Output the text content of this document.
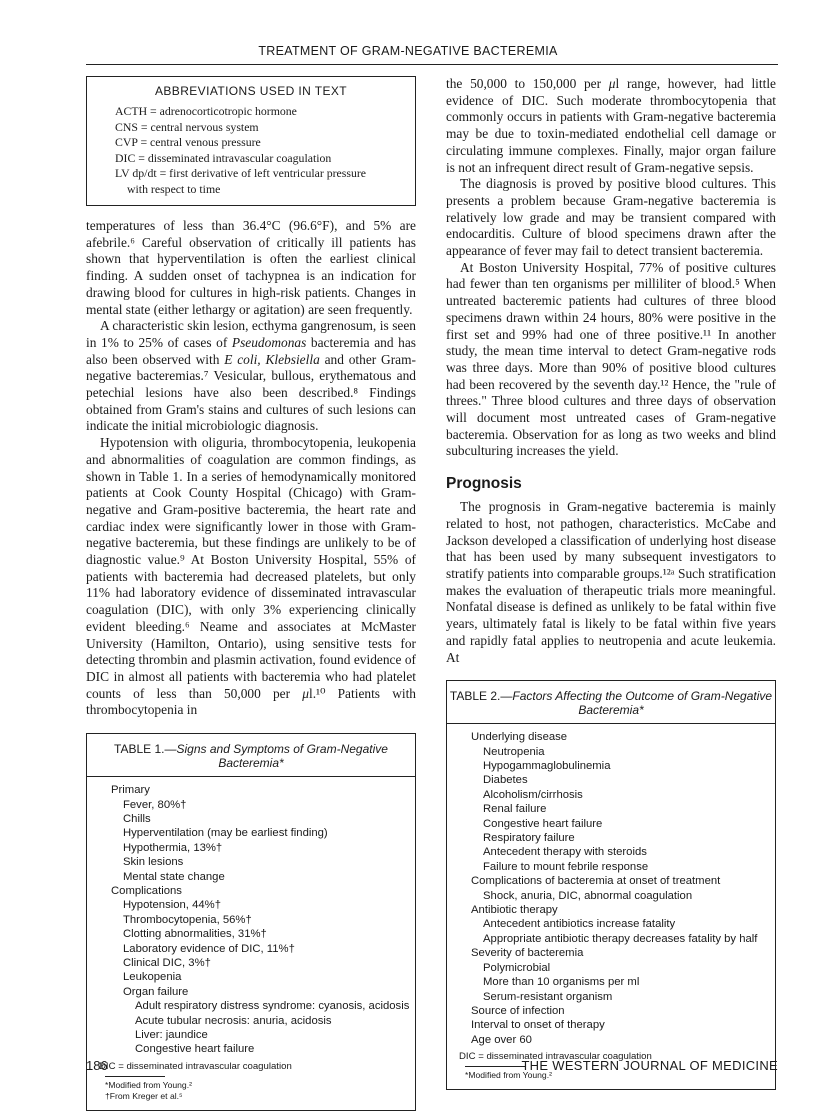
TREATMENT OF GRAM-NEGATIVE BACTEREMIA
ABBREVIATIONS USED IN TEXT
ACTH = adrenocorticotropic hormone
CNS = central nervous system
CVP = central venous pressure
DIC = disseminated intravascular coagulation
LV dp/dt = first derivative of left ventricular pressure
with respect to time

temperatures of less than 36.4°C (96.6°F), and 5% are afebrile.⁶ Careful observation of critically ill patients has shown that hyperventilation is often the earliest clinical finding. A sudden onset of tachypnea is an indication for drawing blood for cultures in high-risk patients. Changes in mental state (either lethargy or agitation) are seen frequently.

A characteristic skin lesion, ecthyma gangrenosum, is seen in 1% to 25% of cases of Pseudomonas bacteremia and has also been observed with E coli, Klebsiella and other Gram-negative bacteremias.⁷ Vesicular, bullous, erythematous and petechial lesions have also been described.⁸ Findings obtained from Gram's stains and cultures of such lesions can indicate the initial microbiologic diagnosis.

Hypotension with oliguria, thrombocytopenia, leukopenia and abnormalities of coagulation are common findings, as shown in Table 1. In a series of hemodynamically monitored patients at Cook County Hospital (Chicago) with Gram-negative and Gram-positive bacteremia, the heart rate and cardiac index were significantly lower in those with Gram-negative bacteremia, but these findings are unlikely to be of diagnostic value.⁹ At Boston University Hospital, 55% of patients with bacteremia had decreased platelets, but only 11% had laboratory evidence of disseminated intravascular coagulation (DIC), with only 3% experiencing clinically evident bleeding.⁶ Neame and associates at McMaster University (Hamilton, Ontario), using sensitive tests for detecting thrombin and plasmin activation, found evidence of DIC in almost all patients with bacteremia who had platelet counts of less than 50,000 per μl.¹⁰ Patients with thrombocytopenia in

TABLE 1.—Signs and Symptoms of Gram-Negative Bacteremia*
Primary
Fever, 80%†
Chills
Hyperventilation (may be earliest finding)
Hypothermia, 13%†
Skin lesions
Mental state change
Complications
Hypotension, 44%†
Thrombocytopenia, 56%†
Clotting abnormalities, 31%†
Laboratory evidence of DIC, 11%†
Clinical DIC, 3%†
Leukopenia
Organ failure
Adult respiratory distress syndrome: cyanosis, acidosis
Acute tubular necrosis: anuria, acidosis
Liver: jaundice
Congestive heart failure
DIC = disseminated intravascular coagulation
*Modified from Young.²
†From Kreger et al.⁵

the 50,000 to 150,000 per μl range, however, had little evidence of DIC. Such moderate thrombocytopenia that commonly occurs in patients with Gram-negative bacteremia may be due to toxin-mediated endothelial cell damage or circulating immune complexes. Finally, major organ failure is not an infrequent direct result of Gram-negative sepsis.

The diagnosis is proved by positive blood cultures. This presents a problem because Gram-negative bacteremia is relatively low grade and may be transient compared with endocarditis. Culture of blood specimens drawn after the appearance of fever may fail to detect transient bacteremia.

At Boston University Hospital, 77% of positive cultures had fewer than ten organisms per milliliter of blood.⁵ When untreated bacteremic patients had cultures of three blood specimens drawn within 24 hours, 80% were positive in the first set and 99% had one of three positive.¹¹ In another study, the mean time interval to detect Gram-negative rods was three days. More than 90% of positive blood cultures had been recovered by the seventh day.¹² Hence, the "rule of threes." Three blood cultures and three days of observation will document most untreated cases of Gram-negative bacteremia. Observation for as long as two weeks and blind subculturing increases the yield.

Prognosis

The prognosis in Gram-negative bacteremia is mainly related to host, not pathogen, characteristics. McCabe and Jackson developed a classification of underlying host disease that has been used by many subsequent investigators to stratify patients into comparable groups.¹²ᵃ Such stratification makes the evaluation of therapeutic trials more meaningful. Nonfatal disease is defined as unlikely to be fatal within five years, ultimately fatal is likely to be fatal within five years and rapidly fatal applies to neutropenia and acute leukemia. At

TABLE 2.—Factors Affecting the Outcome of Gram-Negative Bacteremia*
Underlying disease
Neutropenia
Hypogammaglobulinemia
Diabetes
Alcoholism/cirrhosis
Renal failure
Congestive heart failure
Respiratory failure
Antecedent therapy with steroids
Failure to mount febrile response
Complications of bacteremia at onset of treatment
Shock, anuria, DIC, abnormal coagulation
Antibiotic therapy
Antecedent antibiotics increase fatality
Appropriate antibiotic therapy decreases fatality by half
Severity of bacteremia
Polymicrobial
More than 10 organisms per ml
Serum-resistant organism
Source of infection
Interval to onset of therapy
Age over 60
DIC = disseminated intravascular coagulation
*Modified from Young.²
186	THE WESTERN JOURNAL OF MEDICINE
